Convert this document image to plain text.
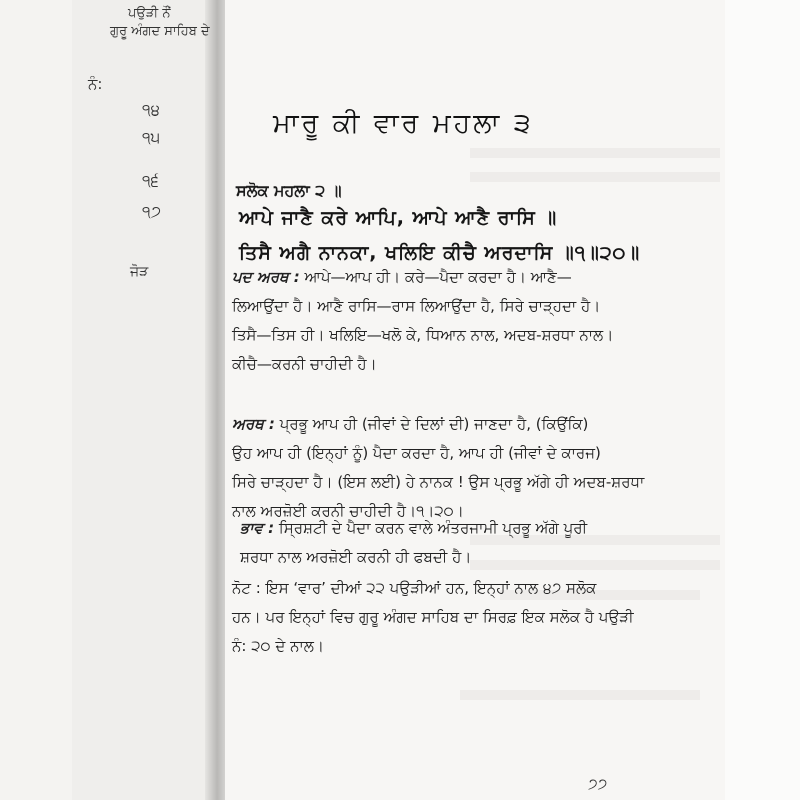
ਪਉੜੀ ਨੌਂ
ਗੁਰੂ ਅੰਗਦ ਸਾਹਿਬ ਦੇ
ਨੰ:
੧੪
੧੫
੧੬
੧੭
ਜੋੜ
ਮਾਰੂ ਕੀ ਵਾਰ ਮਹਲਾ ੩
ਸਲੋਕ ਮਹਲਾ ੨ ॥
ਆਪੇ ਜਾਣੈ ਕਰੇ ਆਪਿ, ਆਪੇ ਆਣੈ ਰਾਸਿ ॥
ਤਿਸੈ ਅਗੈ ਨਾਨਕਾ, ਖਲਿਇ ਕੀਚੈ ਅਰਦਾਸਿ ॥੧॥੨੦॥
ਪਦ ਅਰਥ : ਆਪੇ—ਆਪ ਹੀ। ਕਰੇ—ਪੈਦਾ ਕਰਦਾ ਹੈ। ਆਣੈ—
ਲਿਆਉਂਦਾ ਹੈ। ਆਣੈ ਰਾਸਿ—ਰਾਸ ਲਿਆਉਂਦਾ ਹੈ, ਸਿਰੇ ਚਾੜ੍ਹਦਾ ਹੈ।
ਤਿਸੈ—ਤਿਸ ਹੀ। ਖਲਿਇ—ਖਲੋ ਕੇ, ਧਿਆਨ ਨਾਲ, ਅਦਬ-ਸ਼ਰਧਾ ਨਾਲ।
ਕੀਚੈ—ਕਰਨੀ ਚਾਹੀਦੀ ਹੈ।
ਅਰਥ : ਪ੍ਰਭੂ ਆਪ ਹੀ (ਜੀਵਾਂ ਦੇ ਦਿਲਾਂ ਦੀ) ਜਾਣਦਾ ਹੈ, (ਕਿਉਂਕਿ)
ਉਹ ਆਪ ਹੀ (ਇਨ੍ਹਾਂ ਨੂੰ) ਪੈਦਾ ਕਰਦਾ ਹੈ, ਆਪ ਹੀ (ਜੀਵਾਂ ਦੇ ਕਾਰਜ)
ਸਿਰੇ ਚਾੜ੍ਹਦਾ ਹੈ। (ਇਸ ਲਈ) ਹੇ ਨਾਨਕ ! ਉਸ ਪ੍ਰਭੂ ਅੱਗੇ ਹੀ ਅਦਬ-ਸ਼ਰਧਾ
ਨਾਲ ਅਰਜ਼ੋਈ ਕਰਨੀ ਚਾਹੀਦੀ ਹੈ।੧।੨੦।
ਭਾਵ : ਸ੍ਰਿਸ਼ਟੀ ਦੇ ਪੈਦਾ ਕਰਨ ਵਾਲੇ ਅੰਤਰਜਾਮੀ ਪ੍ਰਭੂ ਅੱਗੇ ਪੂਰੀ
ਸ਼ਰਧਾ ਨਾਲ ਅਰਜ਼ੋਈ ਕਰਨੀ ਹੀ ਫਬਦੀ ਹੈ।
ਨੋਟ : ਇਸ ‘ਵਾਰ’ ਦੀਆਂ ੨੨ ਪਉੜੀਆਂ ਹਨ, ਇਨ੍ਹਾਂ ਨਾਲ ੪੭ ਸਲੋਕ
ਹਨ। ਪਰ ਇਨ੍ਹਾਂ ਵਿਚ ਗੁਰੂ ਅੰਗਦ ਸਾਹਿਬ ਦਾ ਸਿਰਫ਼ ਇਕ ਸਲੋਕ ਹੈ ਪਉੜੀ
ਨੰ: ੨੦ ਦੇ ਨਾਲ।
੭੭
